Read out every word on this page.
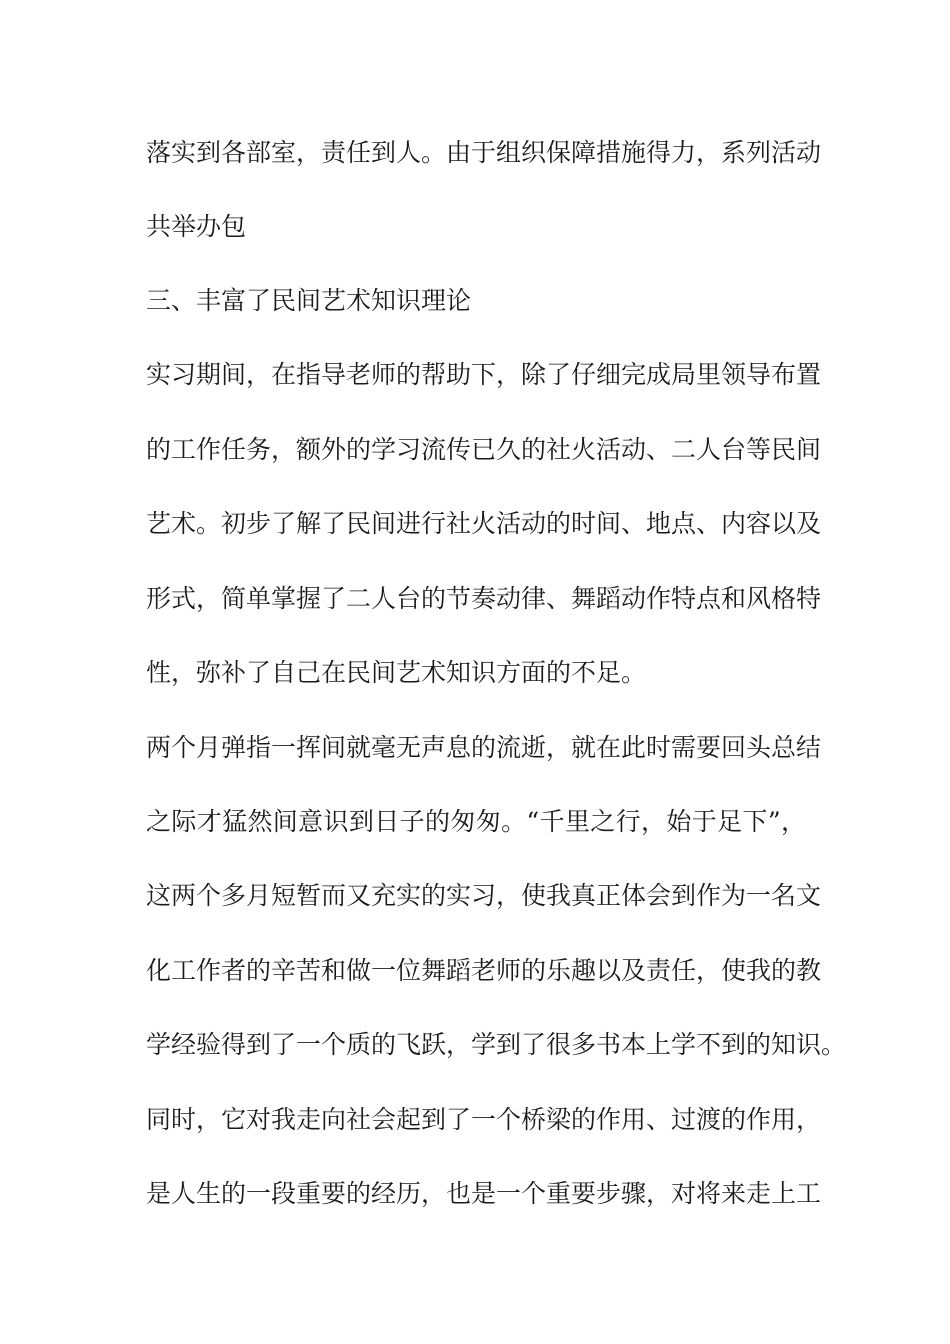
落实到各部室，责任到人。由于组织保障措施得力，系列活动
共举办包
三、丰富了民间艺术知识理论
实习期间，在指导老师的帮助下，除了仔细完成局里领导布置
的工作任务，额外的学习流传已久的社火活动、二人台等民间
艺术。初步了解了民间进行社火活动的时间、地点、内容以及
形式，简单掌握了二人台的节奏动律、舞蹈动作特点和风格特
性，弥补了自己在民间艺术知识方面的不足。
两个月弹指一挥间就毫无声息的流逝，就在此时需要回头总结
之际才猛然间意识到日子的匆匆。“千里之行，始于足下”，
这两个多月短暂而又充实的实习，使我真正体会到作为一名文
化工作者的辛苦和做一位舞蹈老师的乐趣以及责任，使我的教
学经验得到了一个质的飞跃，学到了很多书本上学不到的知识。
同时，它对我走向社会起到了一个桥梁的作用、过渡的作用，
是人生的一段重要的经历，也是一个重要步骤，对将来走上工
